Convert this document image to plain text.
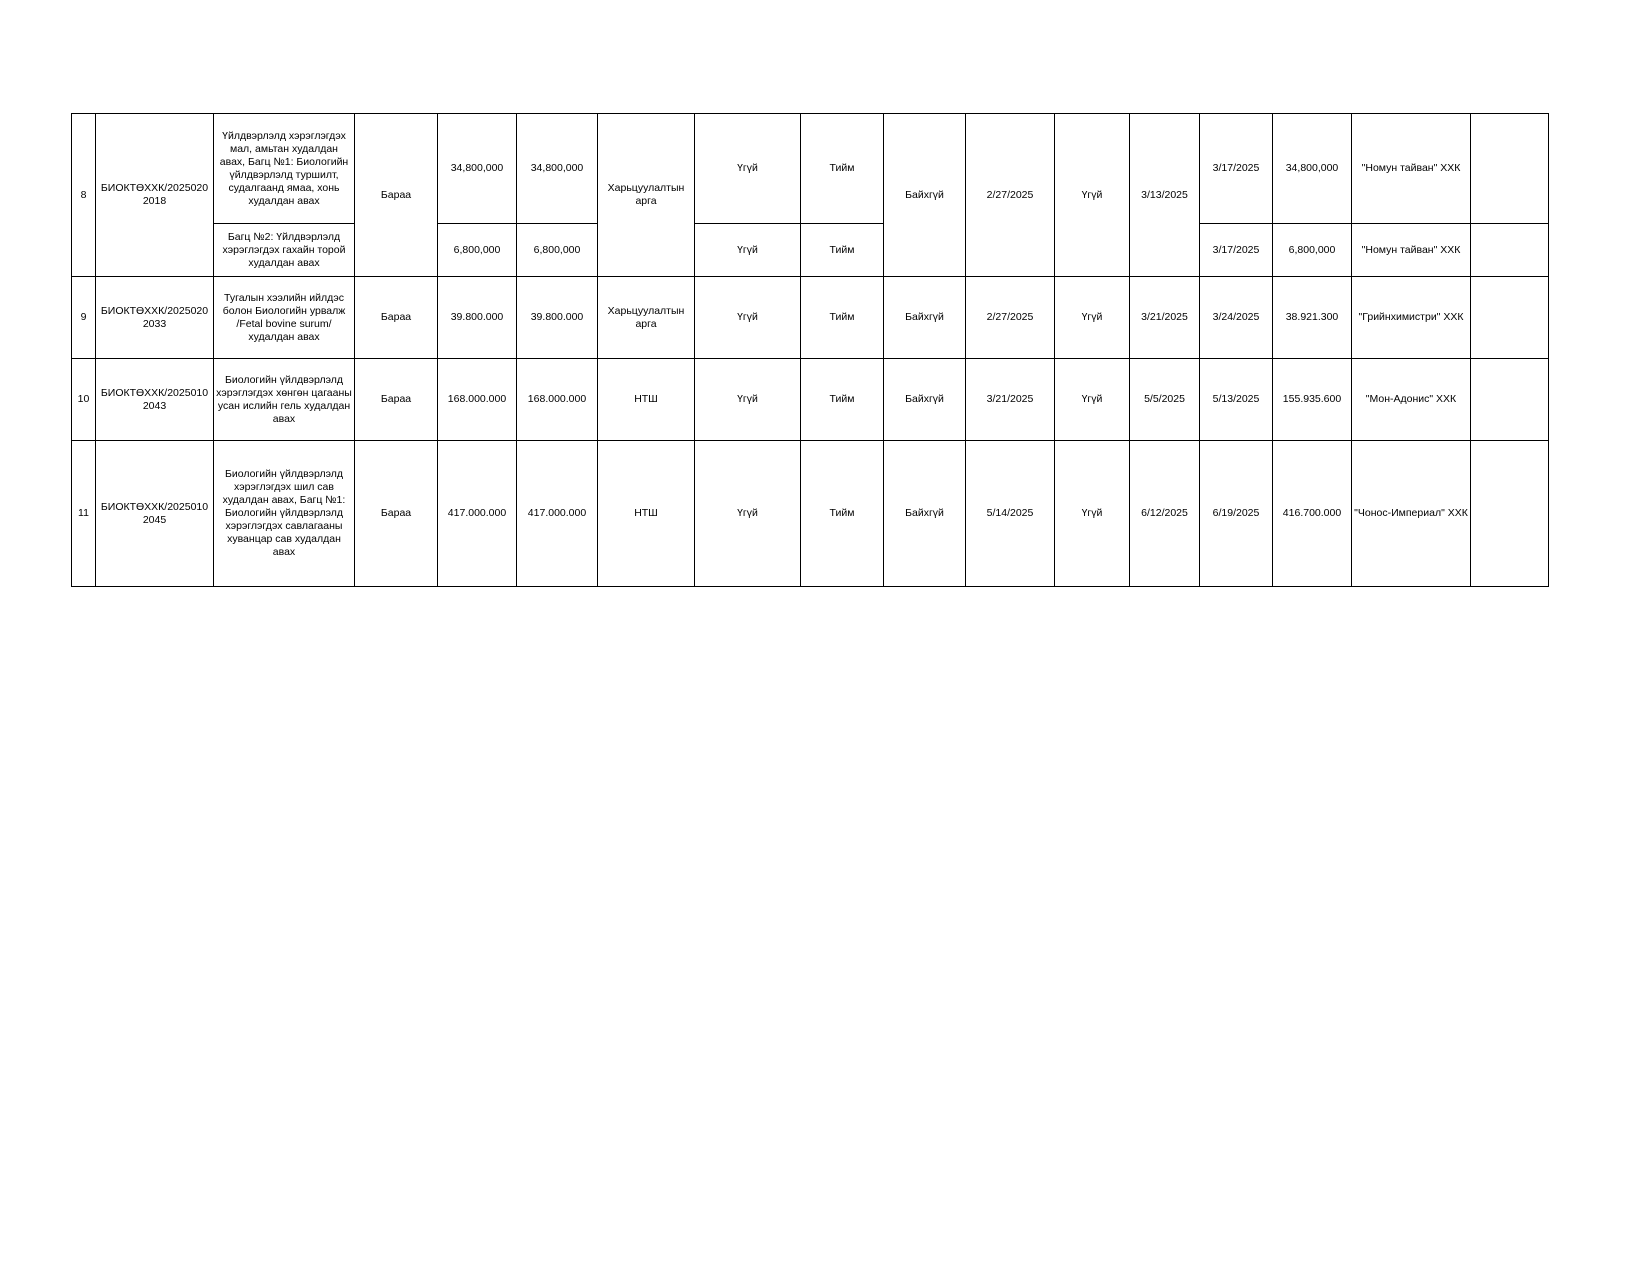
8	БИОКТӨХХК/20250202018	Үйлдвэрлэлд хэрэглэгдэх мал, амьтан худалдан авах, Багц №1: Биологийн үйлдвэрлэлд туршилт, судалгаанд ямаа, хонь худалдан авах	Бараа	34,800,000	34,800,000	Харьцуулалтын арга	Үгүй	Тийм	Байхгүй	2/27/2025	Үгүй	3/13/2025	3/17/2025	34,800,000	"Номун тайван" ХХК	
		Багц №2: Үйлдвэрлэлд хэрэглэгдэх гахайн торой худалдан авах		6,800,000	6,800,000		Үгүй	Тийм					3/17/2025	6,800,000	"Номун тайван" ХХК	
9	БИОКТӨХХК/20250202033	Тугалын хээлийн ийлдэс болон Биологийн урвалж /Fetal bovine surum/ худалдан авах	Бараа	39.800.000	39.800.000	Харьцуулалтын арга	Үгүй	Тийм	Байхгүй	2/27/2025	Үгүй	3/21/2025	3/24/2025	38.921.300	"Грийнхимистри" ХХК	
10	БИОКТӨХХК/20250102043	Биологийн үйлдвэрлэлд хэрэглэгдэх хөнгөн цагааны усан ислийн гель худалдан авах	Бараа	168.000.000	168.000.000	НТШ	Үгүй	Тийм	Байхгүй	3/21/2025	Үгүй	5/5/2025	5/13/2025	155.935.600	"Мон-Адонис" ХХК	
11	БИОКТӨХХК/20250102045	Биологийн үйлдвэрлэлд хэрэглэгдэх шил сав худалдан авах, Багц №1: Биологийн үйлдвэрлэлд хэрэглэгдэх савлагааны хуванцар сав худалдан авах	Бараа	417.000.000	417.000.000	НТШ	Үгүй	Тийм	Байхгүй	5/14/2025	Үгүй	6/12/2025	6/19/2025	416.700.000	"Чонос-Империал" ХХК	
